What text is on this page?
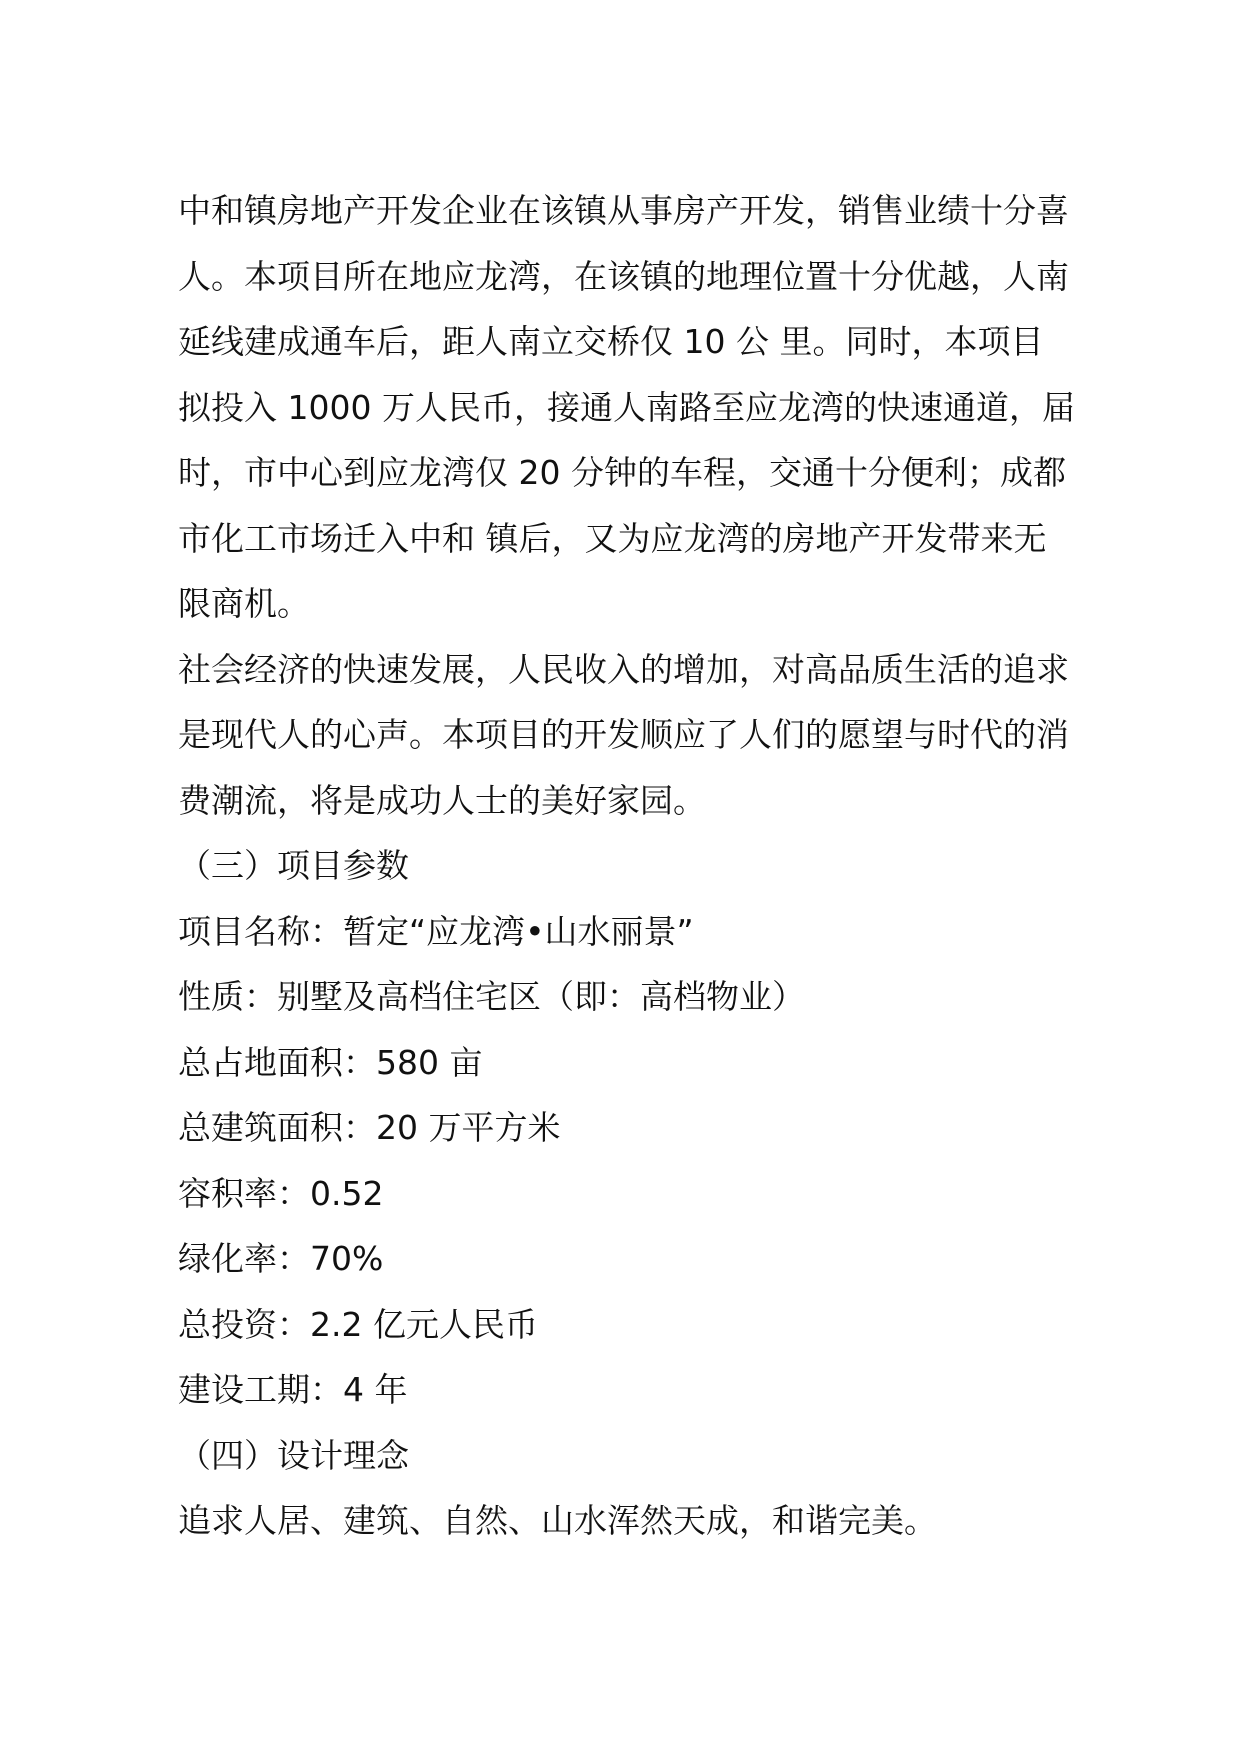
中和镇房地产开发企业在该镇从事房产开发，销售业绩十分喜
人。本项目所在地应龙湾，在该镇的地理位置十分优越，人南
延线建成通车后，距人南立交桥仅 10 公 里。同时，本项目
拟投入 1000 万人民币，接通人南路至应龙湾的快速通道，届
时，市中心到应龙湾仅 20 分钟的车程，交通十分便利；成都
市化工市场迁入中和 镇后，又为应龙湾的房地产开发带来无
限商机。
社会经济的快速发展，人民收入的增加，对高品质生活的追求
是现代人的心声。本项目的开发顺应了人们的愿望与时代的消
费潮流，将是成功人士的美好家园。
（三）项目参数
项目名称：暂定“应龙湾•山水丽景”
性质：别墅及高档住宅区（即：高档物业）
总占地面积：580 亩
总建筑面积：20 万平方米
容积率：0.52
绿化率：70%
总投资：2.2 亿元人民币
建设工期：4 年
（四）设计理念
追求人居、建筑、自然、山水浑然天成，和谐完美。
